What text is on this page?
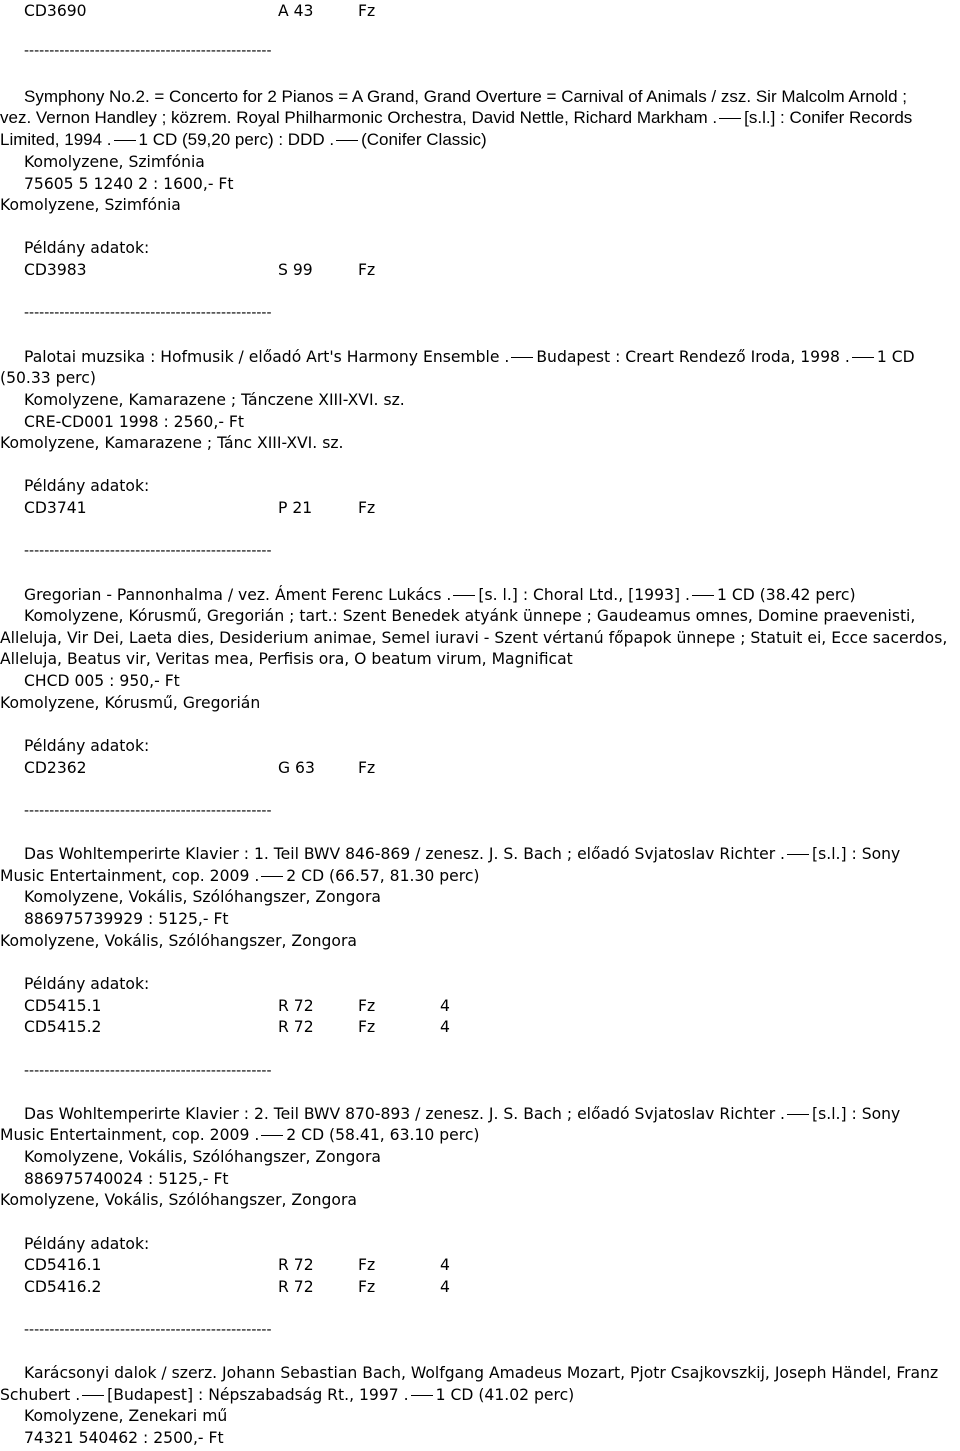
CD3690	A 43	Fz
-------------------------------------------------
Symphony No.2. = Concerto for 2 Pianos = A Grand, Grand Overture = Carnival of Animals / zsz. Sir Malcolm Arnold ;
vez. Vernon Handley ; közrem. Royal Philharmonic Orchestra, David Nettle, Richard Markham . [s.l.] : Conifer Records
Limited, 1994 . 1 CD (59,20 perc) : DDD . (Conifer Classic)
Komolyzene, Szimfónia
75605 5 1240 2 : 1600,- Ft
Komolyzene, Szimfónia
Példány adatok:
CD3983	S 99	Fz
-------------------------------------------------
Palotai muzsika : Hofmusik / előadó Art's Harmony Ensemble . Budapest : Creart Rendező Iroda, 1998 . 1 CD
(50.33 perc)
Komolyzene, Kamarazene ; Tánczene XIII-XVI. sz.
CRE-CD001 1998 : 2560,- Ft
Komolyzene, Kamarazene ; Tánc XIII-XVI. sz.
Példány adatok:
CD3741	P 21	Fz
-------------------------------------------------
Gregorian - Pannonhalma / vez. Áment Ferenc Lukács . [s. l.] : Choral Ltd., [1993] . 1 CD (38.42 perc)
Komolyzene, Kórusmű, Gregorián ; tart.: Szent Benedek atyánk ünnepe ; Gaudeamus omnes, Domine praevenisti,
Alleluja, Vir Dei, Laeta dies, Desiderium animae, Semel iuravi - Szent vértanú főpapok ünnepe ; Statuit ei, Ecce sacerdos,
Alleluja, Beatus vir, Veritas mea, Perfisis ora, O beatum virum, Magnificat
CHCD 005 : 950,- Ft
Komolyzene, Kórusmű, Gregorián
Példány adatok:
CD2362	G 63	Fz
-------------------------------------------------
Das Wohltemperirte Klavier : 1. Teil BWV 846-869 / zenesz. J. S. Bach ; előadó Svjatoslav Richter . [s.l.] : Sony
Music Entertainment, cop. 2009 . 2 CD (66.57, 81.30 perc)
Komolyzene, Vokális, Szólóhangszer, Zongora
886975739929 : 5125,- Ft
Komolyzene, Vokális, Szólóhangszer, Zongora
Példány adatok:
CD5415.1	R 72	Fz	4
CD5415.2	R 72	Fz	4
-------------------------------------------------
Das Wohltemperirte Klavier : 2. Teil BWV 870-893 / zenesz. J. S. Bach ; előadó Svjatoslav Richter . [s.l.] : Sony
Music Entertainment, cop. 2009 . 2 CD (58.41, 63.10 perc)
Komolyzene, Vokális, Szólóhangszer, Zongora
886975740024 : 5125,- Ft
Komolyzene, Vokális, Szólóhangszer, Zongora
Példány adatok:
CD5416.1	R 72	Fz	4
CD5416.2	R 72	Fz	4
-------------------------------------------------
Karácsonyi dalok / szerz. Johann Sebastian Bach, Wolfgang Amadeus Mozart, Pjotr Csajkovszkij, Joseph Händel, Franz
Schubert . [Budapest] : Népszabadság Rt., 1997 . 1 CD (41.02 perc)
Komolyzene, Zenekari mű
74321 540462 : 2500,- Ft
